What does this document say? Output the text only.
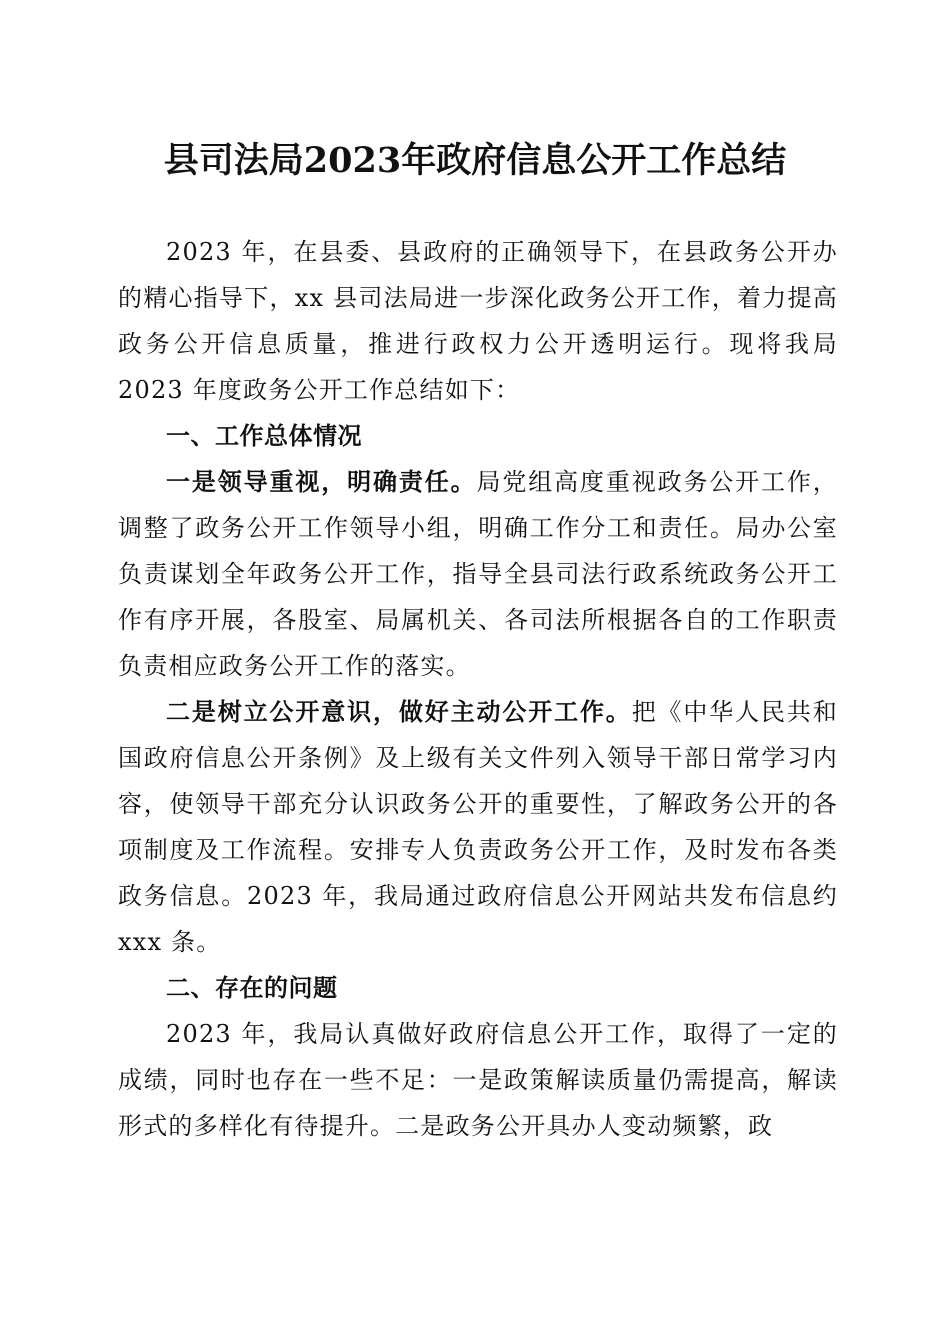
县司法局2023年政府信息公开工作总结

2023 年，在县委、县政府的正确领导下，在县政务公开办的精心指导下，xx 县司法局进一步深化政务公开工作，着力提高政务公开信息质量，推进行政权力公开透明运行。现将我局 2023 年度政务公开工作总结如下：

一、工作总体情况

一是领导重视，明确责任。局党组高度重视政务公开工作，调整了政务公开工作领导小组，明确工作分工和责任。局办公室负责谋划全年政务公开工作，指导全县司法行政系统政务公开工作有序开展，各股室、局属机关、各司法所根据各自的工作职责负责相应政务公开工作的落实。

二是树立公开意识，做好主动公开工作。把《中华人民共和国政府信息公开条例》及上级有关文件列入领导干部日常学习内容，使领导干部充分认识政务公开的重要性，了解政务公开的各项制度及工作流程。安排专人负责政务公开工作，及时发布各类政务信息。2023 年，我局通过政府信息公开网站共发布信息约 xxx 条。

二、存在的问题

2023 年，我局认真做好政府信息公开工作，取得了一定的成绩，同时也存在一些不足：一是政策解读质量仍需提高，解读形式的多样化有待提升。二是政务公开具办人变动频繁，政
